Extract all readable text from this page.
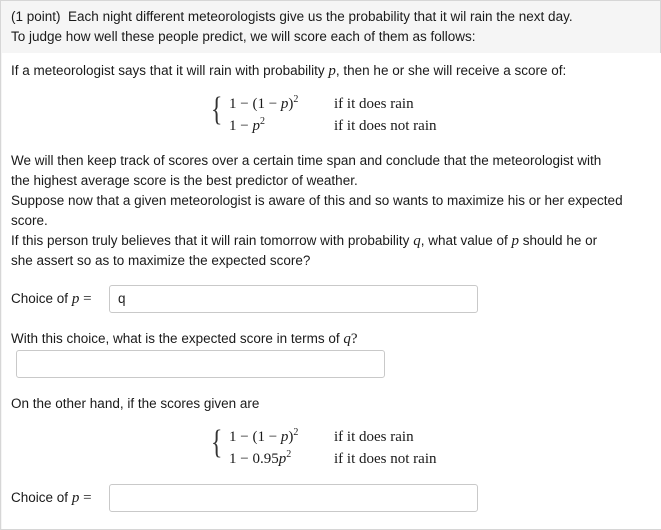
(1 point) Each night different meteorologists give us the probability that it wil rain the next day.
To judge how well these people predict, we will score each of them as follows:
If a meteorologist says that it will rain with probability p, then he or she will receive a score of:
{ $1 - (1 - p)^2$ if it does rain
$1 - p^2$	if it does not rain
We will then keep track of scores over a certain time span and conclude that the meteorologist with
the highest average score is the best predictor of weather.
Suppose now that a given meteorologist is aware of this and so wants to maximize his or her expected
score.
If this person truly believes that it will rain tomorrow with probability q, what value of p should he or
she assert so as to maximize the expected score?
Choice of p =	q
With this choice, what is the expected score in terms of q?
On the other hand, if the scores given are
{ $1 - (1 - p)^2$ if it does rain
$1 - 0.95p^2$	if it does not rain
Choice of p =
